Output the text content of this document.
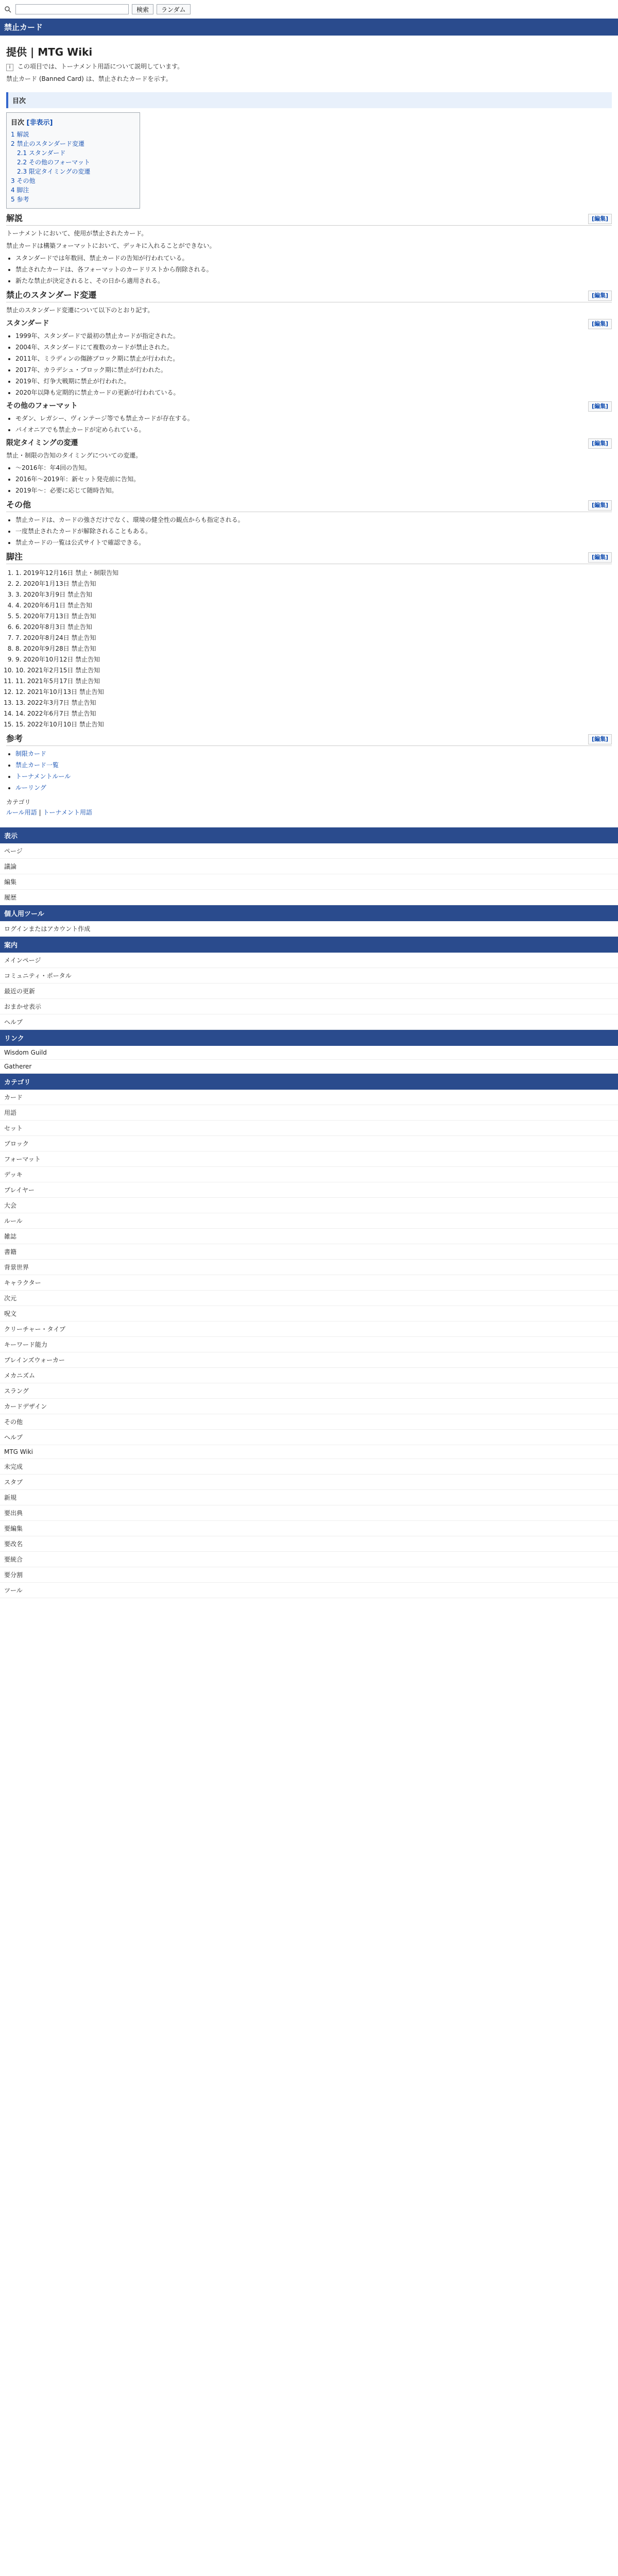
検索	ランダム
禁止カード
提供 | MTG Wiki
i この項目では、トーナメント用語について説明しています。
禁止カード (Banned Card) は、禁止されたカードを示す。
目次
目次 [非表示]
1 解説
2 禁止のスタンダード変遷
2.1 スタンダード
2.2 その他のフォーマット
2.3 限定タイミングの変遷
3 その他
4 脚注
5 参考
解説	[編集]
トーナメントにおいて、使用が禁止されたカード。
禁止カードは構築フォーマットにおいて、デッキに入れることができない。
• スタンダードでは年数回、禁止カードの告知が行われている。
• 禁止されたカードは、各フォーマットのカードリストから削除される。
• 新たな禁止が決定されると、その日から適用される。
禁止のスタンダード変遷	[編集]
禁止のスタンダード変遷について以下のとおり記す。
スタンダード	[編集]
• 1999年、スタンダードで最初の禁止カードが指定された。
• 2004年、スタンダードにて複数のカードが禁止された。
• 2011年、ミラディンの傷跡ブロック期に禁止が行われた。
• 2017年、カラデシュ・ブロック期に禁止が行われた。
• 2019年、灯争大戦期に禁止が行われた。
• 2020年以降も定期的に禁止カードの更新が行われている。
その他のフォーマット	[編集]
• モダン、レガシー、ヴィンテージ等でも禁止カードが存在する。
• パイオニアでも禁止カードが定められている。
限定タイミングの変遷	[編集]
禁止・制限の告知のタイミングについての変遷。
• 〜2016年：年4回の告知。
• 2016年〜2019年：新セット発売前に告知。
• 2019年〜：必要に応じて随時告知。
その他	[編集]
• 禁止カードは、カードの強さだけでなく、環境の健全性の観点からも指定される。
• 一度禁止されたカードが解除されることもある。
• 禁止カードの一覧は公式サイトで確認できる。
脚注	[編集]
1. 1. 2019年12月16日 禁止・制限告知
2. 2. 2020年1月13日 禁止告知
3. 3. 2020年3月9日 禁止告知
4. 4. 2020年6月1日 禁止告知
5. 5. 2020年7月13日 禁止告知
6. 6. 2020年8月3日 禁止告知
7. 7. 2020年8月24日 禁止告知
8. 8. 2020年9月28日 禁止告知
9. 9. 2020年10月12日 禁止告知
10. 10. 2021年2月15日 禁止告知
11. 11. 2021年5月17日 禁止告知
12. 12. 2021年10月13日 禁止告知
13. 13. 2022年3月7日 禁止告知
14. 14. 2022年6月7日 禁止告知
15. 15. 2022年10月10日 禁止告知
参考	[編集]
• 制限カード
• 禁止カード一覧
• トーナメントルール
• ルーリング
カテゴリ
ルール用語 | トーナメント用語
表示
ページ
議論
編集
履歴
個人用ツール
ログインまたはアカウント作成
案内
メインページ
コミュニティ・ポータル
最近の更新
おまかせ表示
ヘルプ
リンク
Wisdom Guild
Gatherer
カテゴリ
カード
用語
セット
ブロック
フォーマット
デッキ
プレイヤー
大会
ルール
雑誌
書籍
背景世界
キャラクター
次元
呪文
クリーチャー・タイプ
キーワード能力
プレインズウォーカー
メカニズム
スラング
カードデザイン
その他
ヘルプ
MTG Wiki
未完成
スタブ
新規
要出典
要編集
要改名
要統合
要分割
ツール
